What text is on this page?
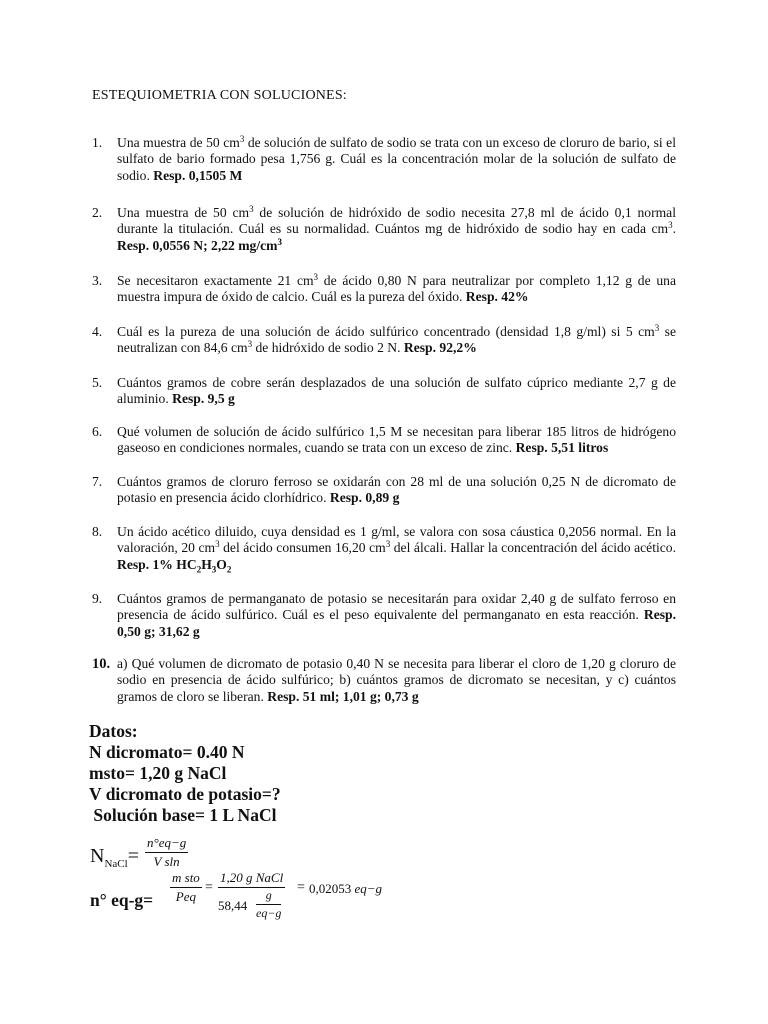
ESTEQUIOMETRIA CON SOLUCIONES:
1.	Una muestra de 50 $cm^3$ de solución de sulfato de sodio se trata con un exceso de cloruro de bario, si el sulfato de bario formado pesa 1,756 g. Cuál es la concentración molar de la solución de sulfato de sodio. Resp. 0,1505 M
2.	Una muestra de 50 $cm^3$ de solución de hidróxido de sodio necesita 27,8 ml de ácido 0,1 normal durante la titulación. Cuál es su normalidad. Cuántos mg de hidróxido de sodio hay en cada $cm^3$. Resp. 0,0556 N; 2,22 $mg/cm^3$
3.	Se necesitaron exactamente 21 $cm^3$ de ácido 0,80 N para neutralizar por completo 1,12 g de una muestra impura de óxido de calcio. Cuál es la pureza del óxido. Resp. 42%
4.	Cuál es la pureza de una solución de ácido sulfúrico concentrado (densidad 1,8 g/ml) si 5 $cm^3$ se neutralizan con 84,6 $cm^3$ de hidróxido de sodio 2 N. Resp. 92,2%
5.	Cuántos gramos de cobre serán desplazados de una solución de sulfato cúprico mediante 2,7 g de aluminio. Resp. 9,5 g
6.	Qué volumen de solución de ácido sulfúrico 1,5 M se necesitan para liberar 185 litros de hidrógeno gaseoso en condiciones normales, cuando se trata con un exceso de zinc. Resp. 5,51 litros
7.	Cuántos gramos de cloruro ferroso se oxidarán con 28 ml de una solución 0,25 N de dicromato de potasio en presencia ácido clorhídrico. Resp. 0,89 g
8.	Un ácido acético diluido, cuya densidad es 1 g/ml, se valora con sosa cáustica 0,2056 normal. En la valoración, 20 $cm^3$ del ácido consumen 16,20 $cm^3$ del álcali. Hallar la concentración del ácido acético. Resp. 1% $HC_2H_3O_2$
9.	Cuántos gramos de permanganato de potasio se necesitarán para oxidar 2,40 g de sulfato ferroso en presencia de ácido sulfúrico. Cuál es el peso equivalente del permanganato en esta reacción. Resp. 0,50 g; 31,62 g
10. a) Qué volumen de dicromato de potasio 0,40 N se necesita para liberar el cloro de 1,20 g cloruro de sodio en presencia de ácido sulfúrico; b) cuántos gramos de dicromato se necesitan, y c) cuántos gramos de cloro se liberan. Resp. 51 ml; 1,01 g; 0,73 g
Datos:
N dicromato= 0.40 N
msto= 1,20 g NaCl
V dicromato de potasio=?
Solución base= 1 L NaCl
$N_{NaCl}= \frac{n^\circ eq-g}{\text{V sln}}$
n° eq-g=
m sto
Peq
=
1,20 g NaCl
$58,44 \frac{g}{eq-g}$
= 0,02053 eq−g
